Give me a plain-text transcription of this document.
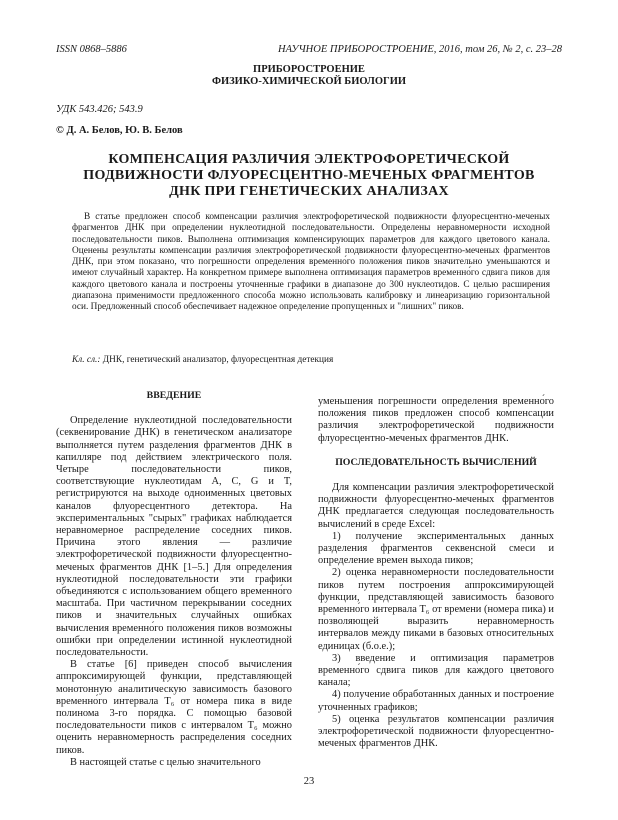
ISSN 0868–5886	НАУЧНОЕ ПРИБОРОСТРОЕНИЕ, 2016, том 26, № 2, c. 23–28
ПРИБОРОСТРОЕНИЕ
ФИЗИКО-ХИМИЧЕСКОЙ БИОЛОГИИ
УДК 543.426; 543.9
© Д. А. Белов, Ю. В. Белов
КОМПЕНСАЦИЯ РАЗЛИЧИЯ ЭЛЕКТРОФОРЕТИЧЕСКОЙ ПОДВИЖНОСТИ ФЛУОРЕСЦЕНТНО-МЕЧЕНЫХ ФРАГМЕНТОВ ДНК ПРИ ГЕНЕТИЧЕСКИХ АНАЛИЗАХ

В статье предложен способ компенсации различия электрофоретической подвижности флуоресцентно-меченых фрагментов ДНК при определении нуклеотидной последовательности. Определены неравномерности исходной последовательности пиков. Выполнена оптимизация компенсирующих параметров для каждого цветового канала. Оценены результаты компенсации различия электрофоретической подвижности флуоресцентно-меченых фрагментов ДНК, при этом показано, что погрешности определения временно́го положения пиков значительно уменьшаются и имеют случайный характер. На конкретном примере выполнена оптимизация параметров временно́го сдвига пиков для каждого цветового канала и построены уточненные графики в диапазоне до 300 нуклеотидов. С целью расширения диапазона применимости предложенного способа можно использовать калибровку и линеаризацию горизонтальной оси. Предложенный способ обеспечивает надежное определение пропущенных и "лишних" пиков.

Кл. сл.: ДНК, генетический анализатор, флуоресцентная детекция

ВВЕДЕНИЕ

Определение нуклеотидной последовательности (секвенирование ДНК) в генетическом анализаторе выполняется путем разделения фрагментов ДНК в капилляре под действием электрического поля. Четыре последовательности пиков, соответствующие нуклеотидам A, C, G и T, регистрируются на выходе одноименных цветовых каналов флуоресцентного детектора. На экспериментальных "сырых" графиках наблюдается неравномерное распределение соседних пиков. Причина этого явления — различие электрофоретической подвижности флуоресцентно-меченых фрагментов ДНК [1–5.] Для определения нуклеотидной последовательности эти графики объединяются с использованием общего временно́го масштаба. При частичном перекрывании соседних пиков и значительных случайных ошибках вычисления временно́го положения пиков возможны ошибки при определении истинной нуклеотидной последовательности.

В статье [6] приведен способ вычисления аппроксимирующей функции, представляющей монотонную аналитическую зависимость базового временно́го интервала T₆ от номера пика в виде полинома 3-го порядка. С помощью базовой последовательности пиков с интервалом T₆ можно оценить неравномерность распределения соседних пиков.

В настоящей статье с целью значительного

уменьшения погрешности определения временно́го положения пиков предложен способ компенсации различия электрофоретической подвижности флуоресцентно-меченых фрагментов ДНК.

ПОСЛЕДОВАТЕЛЬНОСТЬ ВЫЧИСЛЕНИЙ

Для компенсации различия электрофоретической подвижности флуоресцентно-меченых фрагментов ДНК предлагается следующая последовательность вычислений в среде Excel:

1) получение экспериментальных данных разделения фрагментов секвенсной смеси и определение времен выхода пиков;

2) оценка неравномерности последовательности пиков путем построения аппроксимирующей функции, представляющей зависимость базового временно́го интервала T₆ от времени (номера пика) и позволяющей выразить неравномерность интервалов между пиками в базовых относительных единицах (б.о.е.);

3) введение и оптимизация параметров временно́го сдвига пиков для каждого цветового канала;

4) получение обработанных данных и построение уточненных графиков;

5) оценка результатов компенсации различия электрофоретической подвижности флуоресцентно-меченых фрагментов ДНК.

23
